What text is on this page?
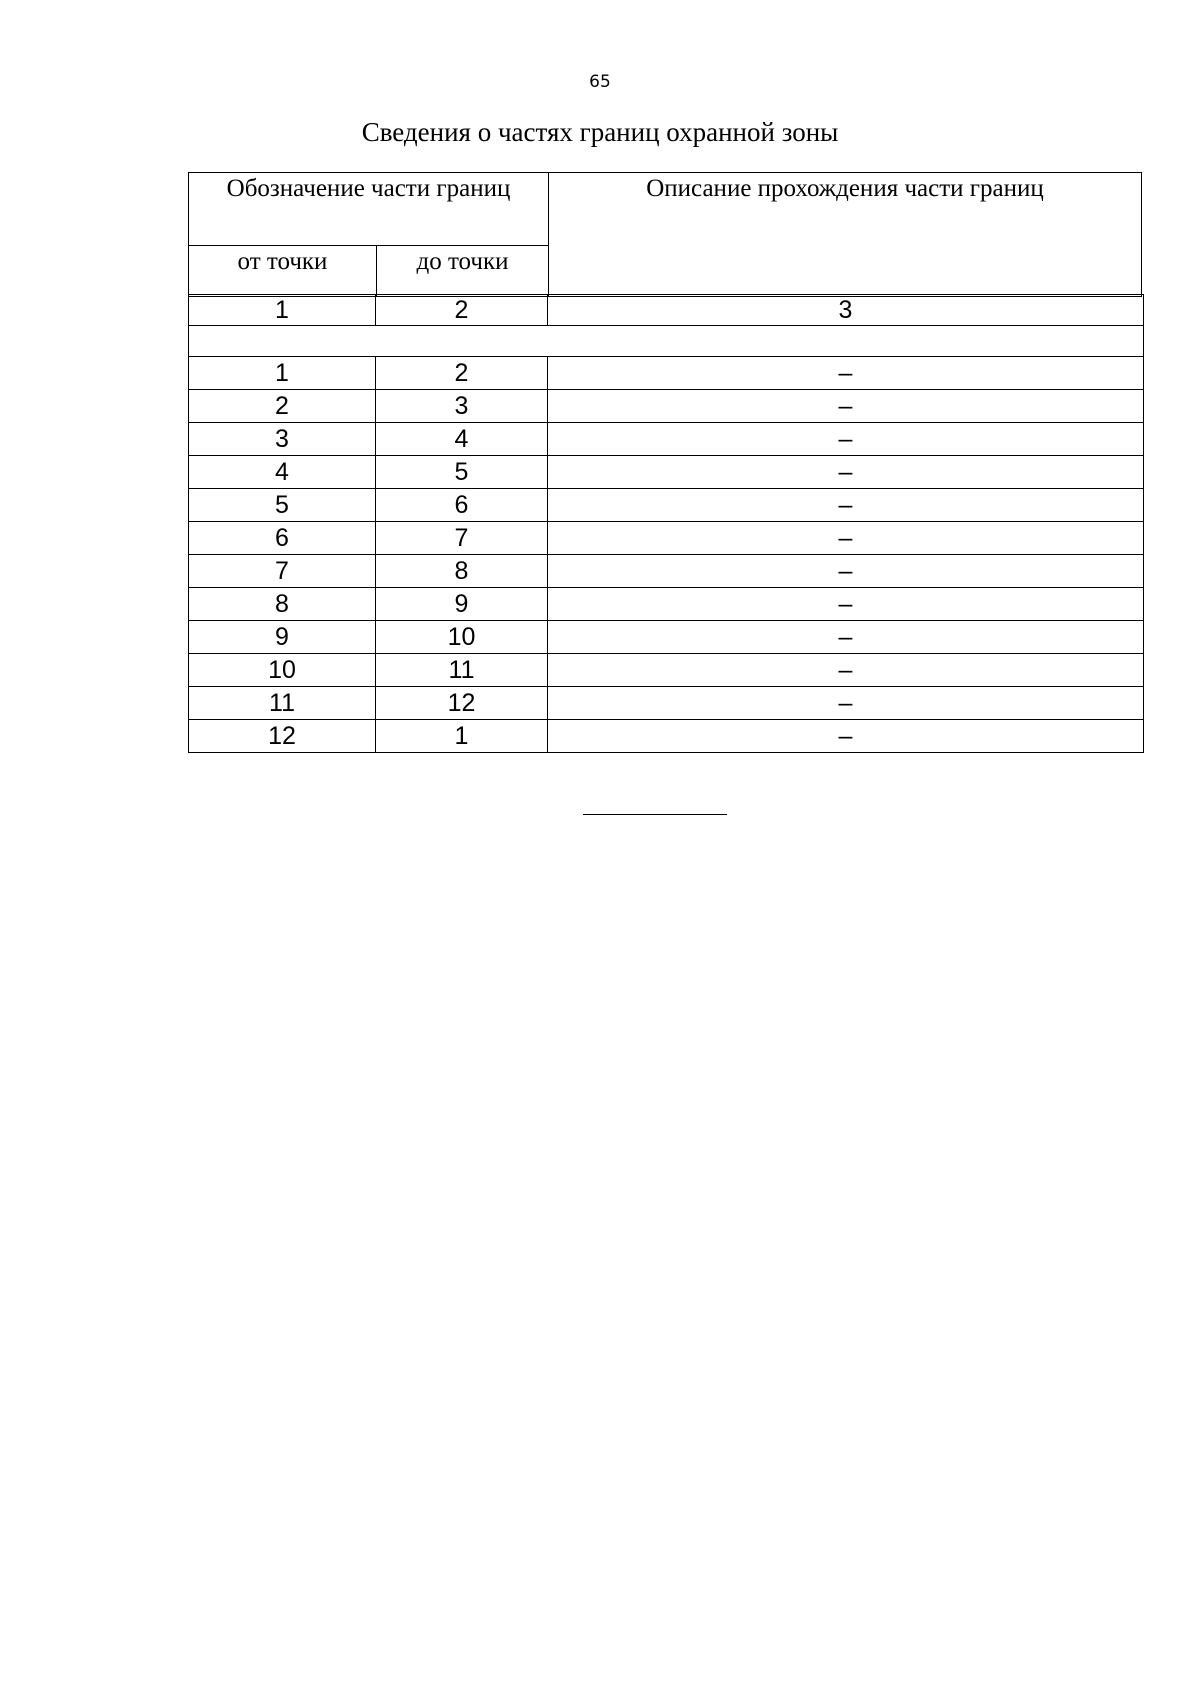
65
Сведения о частях границ охранной зоны
Обозначение части границ		Описание прохождения части границ
от точки	до точки	
1	2	3

1	2	–
2	3	–
3	4	–
4	5	–
5	6	–
6	7	–
7	8	–
8	9	–
9	10	–
10	11	–
11	12	–
12	1	–
